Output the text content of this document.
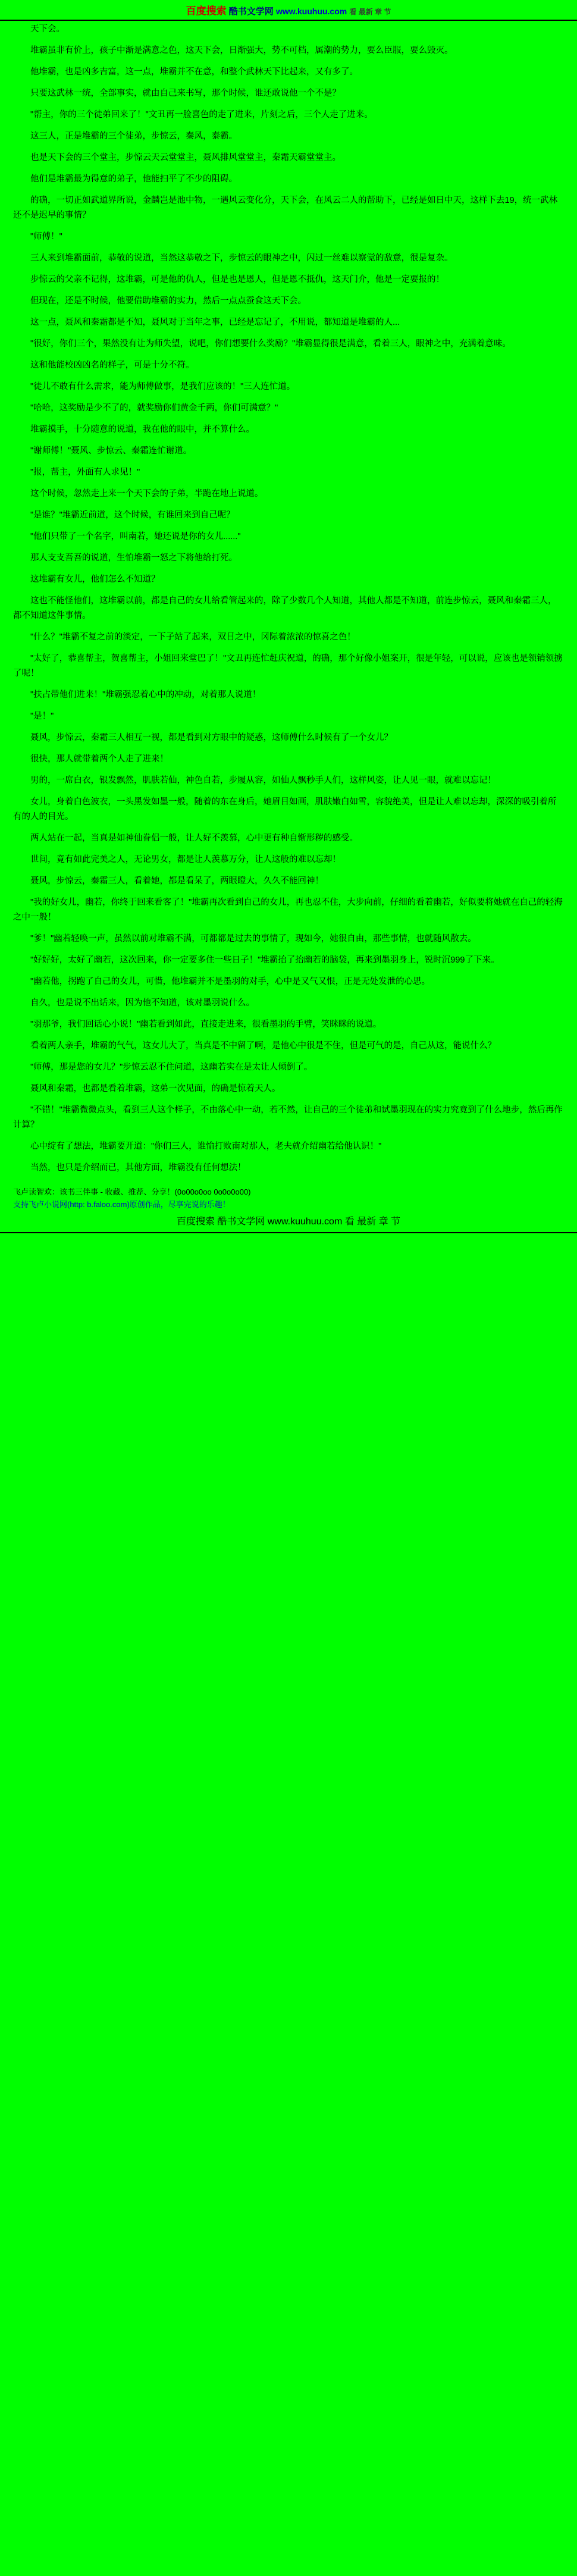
百度搜索 酷书文学网 www.kuuhuu.com 看 最新 章 节

天下会。

堆霸虽非有价上，孩子中渐是满意之色，这天下会，日渐强大，势不可档，属潮的势力，要么臣服，要么毁灭。

他堆霸，也是凶多吉富，这一点，堆霸并不在意，和整个武林天下比起来，又有多了。

只要这武林一统，全部事实，就由自己来书写，那个时候，谁还敢说他一个不是？

"帮主，你的三个徒弟回来了！"文丑再一脸喜色的走了进来，片刻之后，三个人走了进来。

这三人，正是堆霸的三个徒弟，步惊云，秦风，泰霸。

也是天下会的三个堂主，步惊云天云堂堂主，聂风排风堂堂主，秦霜天霸堂堂主。

他们是堆霸最为得意的弟子，他能扫平了不少的阻碍。

的确，一切正如武道界所说，金麟岂是池中物，一遇风云变化分，天下会，在风云二人的帮助下，已经是如日中天，这样下去19，统一武林还不是迟早的事情？

"师傅！"

三人来到堆霸面前，恭敬的说道，当然这恭敬之下，步惊云的眼神之中，闪过一丝难以察觉的敌意，很是复杂。

步惊云的父亲不记得，这堆霸，可是他的仇人，但是也是恩人，但是恩不抵仇，这天门介，他是一定要报的！

但现在，还是不时候，他要借助堆霸的实力，然后一点点蚕食这天下会。

这一点，聂风和秦霜都是不知，聂风对于当年之事，已经是忘记了，不用说，都知道是堆霸的人...

"很好，你们三个，果然没有让为师失望，说吧，你们想要什么奖励？"堆霸显得很是满意，看着三人，眼神之中，充满着意味。

这和他能校凶凶名的样子，可是十分不符。

"徒儿不敢有什么需求，能为师傅做事，是我们应该的！"三人连忙道。

"哈哈，这奖励是少不了的，就奖励你们黄金千两，你们可满意？"

堆霸摸手，十分随意的说道，我在他的眼中，并不算什么。

"谢师傅！"聂风、步惊云、秦霜连忙谢道。

"报，帮主，外面有人求见！"

这个时候，忽然走上来一个天下会的子弟，半跪在地上说道。

"是谁？"堆霸近前道，这个时候，有谁回来到自己呢？

"他们只带了一个名字，叫南若，她还说是你的女儿......"

那人支支吾吾的说道，生怕堆霸一怒之下将他给打死。

这堆霸有女儿，他们怎么不知道？

这也不能怪他们，这堆霸以前，都是自己的女儿给看管起来的，除了少数几个人知道，其他人都是不知道，前连步惊云，聂风和秦霜三人，都不知道这件事情。

"什么？"堆霸不复之前的淡定，一下子站了起来，双目之中，冈际着浓浓的惊喜之色！

"太好了，恭喜帮主，贺喜帮主，小姐回来堂巴了！"文丑再连忙赶庆祝道，的确，那个好像小姐案开，很是年轻，可以说，应该也是领销领掳了呢！

"扶占带他们进来！"堆霸强忍着心中的冲动，对着那人说道！

"是！"

聂风，步惊云，秦霜三人相互一视，都是看到对方眼中的疑惑，这师傅什么时候有了一个女儿？

很快，那人就带着两个人走了进来！

男的，一席白衣，银发飘然，肌肤若仙，神色自若，步履从容，如仙人飘秒手人们，这样风姿，让人见一眼，就难以忘记！

女儿，身着白色波衣，一头黑发如墨一般，随着的东在身后，她眉目如画，肌肤嫩白如雪，容貌绝美，但是让人难以忘却，深深的吸引着所有的人的目光。

两人站在一起，当真是如神仙眷侣一般，让人好不羡慕，心中更有种自惭形秽的感受。

世间，竟有如此完美之人，无论男女，都是让人羡慕万分，让人这般的难以忘却！

聂风，步惊云，秦霜三人，看着她，都是看呆了，两眼瞪大，久久不能回神！

"我的好女儿，幽若，你终于回来看客了！"堆霸再次看到自己的女儿，再也忍不住，大步向前，仔细的看着幽若，好似要将她就在自己的轻海之中一般！

"爹！"幽若轻唤一声，虽然以前对堆霸不满，可都都是过去的事情了，现如今，她很自由，那些事情，也就随风散去。

"好好好，太好了幽若，这次回来，你一定要多住一些日子！"堆霸抬了抬幽若的脑袋，再来到墨羽身上，锐时沉999了下来。

"幽若他，拐跑了自己的女儿，可惜，他堆霸并不是墨羽的对手，心中是又气又恨，正是无处发泄的心思。

自久，也是说不出话来，因为他不知道，该对墨羽说什么。

"羽那爷，我们回话心小说！"幽若看到如此，直接走进来，很看墨羽的手臂，笑眯眯的说道。

看着两人亲手，堆霸的气气，这女儿大了，当真是不中留了啊，是他心中很是不住，但是可气的是，自己从这，能说什么？

"师傅，那是您的女儿？"步惊云忍不住问道，这幽若实在是太让人倾倒了。

聂风和秦霜，也都是看着堆霸，这弟一次见面，的确是惊着天人。

"不错！"堆霸微微点头，看到三人这个样子，不由落心中一动，若不然，让自己的三个徒弟和试墨羽现在的实力究竟到了什么地步，然后再作计算？

心中绽有了想法，堆霸要开道："你们三人，谁愉打败南对那人，老夫就介绍幽若给他认识！"

当然，也只是介绍而已，其他方面，堆霸没有任何想法！

飞卢读智欢：该书三伴事 - 收藏、推荐、分享！(0o00o0oo 0o0o0o00)
支持飞卢小说网(http: b.faloo.com)原创作品，尽享完说的乐趣！
百度搜索 酷书文学网 www.kuuhuu.com 看 最新 章 节
